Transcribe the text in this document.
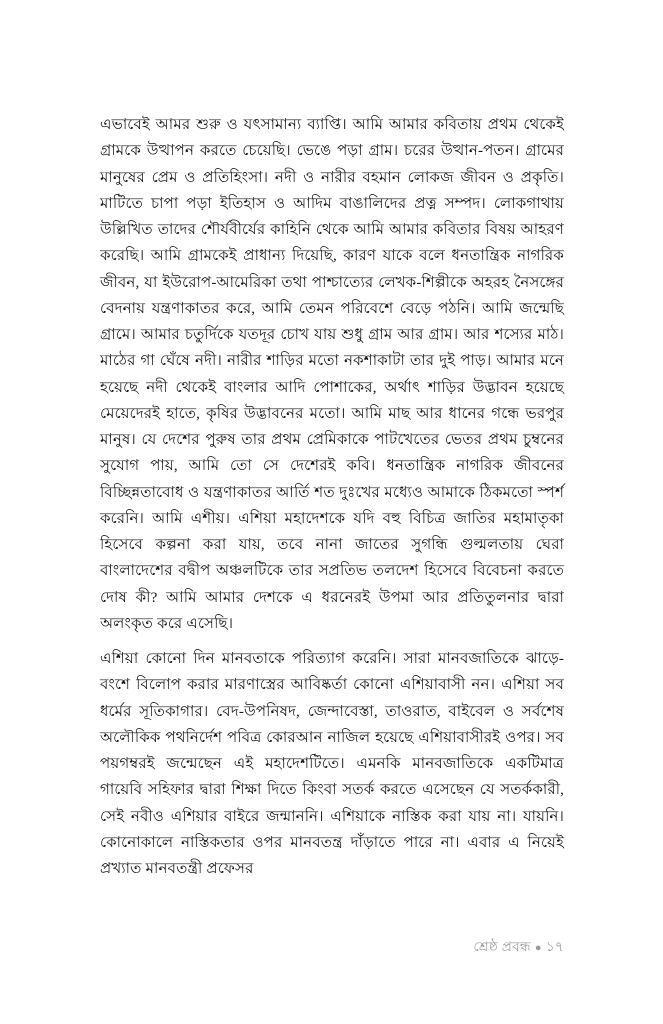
এভাবেই আমর শুরু ও যৎসামান্য ব্যাপ্তি। আমি আমার কবিতায় প্রথম থেকেই গ্রামকে উত্থাপন করতে চেয়েছি। ভেঙে পড়া গ্রাম। চরের উত্থান-পতন। গ্রামের মানুষের প্রেম ও প্রতিহিংসা। নদী ও নারীর বহমান লোকজ জীবন ও প্রকৃতি। মাটিতে চাপা পড়া ইতিহাস ও আদিম বাঙালিদের প্রত্ন সম্পদ। লোকগাথায় উল্লিখিত তাদের শৌর্যবীর্যের কাহিনি থেকে আমি আমার কবিতার বিষয় আহরণ করেছি। আমি গ্রামকেই প্রাধান্য দিয়েছি, কারণ যাকে বলে ধনতান্ত্রিক নাগরিক জীবন, যা ইউরোপ-আমেরিকা তথা পাশ্চাত্যের লেখক-শিল্পীকে অহরহ নৈসঙ্গের বেদনায় যন্ত্রণাকাতর করে, আমি তেমন পরিবেশে বেড়ে পঠনি। আমি জন্মেছি গ্রামে। আমার চতুর্দিকে যতদূর চোখ যায় শুধু গ্রাম আর গ্রাম। আর শস্যের মাঠ। মাঠের গা ঘেঁষে নদী। নারীর শাড়ির মতো নকশাকাটা তার দুই পাড়। আমার মনে হয়েছে নদী থেকেই বাংলার আদি পোশাকের, অর্থাৎ শাড়ির উদ্ভাবন হয়েছে মেয়েদেরই হাতে, কৃষির উদ্ভাবনের মতো। আমি মাছ আর ধানের গন্ধে ভরপুর মানুষ। যে দেশের পুরুষ তার প্রথম প্রেমিকাকে পাটখেতের ভেতর প্রথম চুম্বনের সুযোগ পায়, আমি তো সে দেশেরই কবি। ধনতান্ত্রিক নাগরিক জীবনের বিচ্ছিন্নতাবোধ ও যন্ত্রণাকাতর আর্তি শত দুঃখের মধ্যেও আমাকে ঠিকমতো স্পর্শ করেনি। আমি এশীয়। এশিয়া মহাদেশকে যদি বহু বিচিত্র জাতির মহামাতৃকা হিসেবে কল্পনা করা যায়, তবে নানা জাতের সুগন্ধি গুল্মলতায় ঘেরা বাংলাদেশের বদ্বীপ অঞ্চলটিকে তার সপ্রতিভ তলদেশ হিসেবে বিবেচনা করতে দোষ কী? আমি আমার দেশকে এ ধরনেরই উপমা আর প্রতিতুলনার দ্বারা অলংকৃত করে এসেছি।

এশিয়া কোনো দিন মানবতাকে পরিত্যাগ করেনি। সারা মানবজাতিকে ঝাড়ে-বংশে বিলোপ করার মারণাস্ত্রের আবিষ্কর্তা কোনো এশিয়াবাসী নন। এশিয়া সব ধর্মের সূতিকাগার। বেদ-উপনিষদ, জেন্দাবেস্তা, তাওরাত, বাইবেল ও সর্বশেষ অলৌকিক পথনির্দেশ পবিত্র কোরআন নাজিল হয়েছে এশিয়াবাসীরই ওপর। সব পয়গম্বরই জন্মেছেন এই মহাদেশটিতে। এমনকি মানবজাতিকে একটিমাত্র গায়েবি সহিফার দ্বারা শিক্ষা দিতে কিংবা সতর্ক করতে এসেছেন যে সতর্ককারী, সেই নবীও এশিয়ার বাইরে জন্মাননি। এশিয়াকে নাস্তিক করা যায় না। যায়নি। কোনোকালে নাস্তিকতার ওপর মানবতন্ত্র দাঁড়াতে পারে না। এবার এ নিয়েই প্রখ্যাত মানবতন্ত্রী প্রফেসর

শ্রেষ্ঠ প্রবন্ধ ● ১৭
